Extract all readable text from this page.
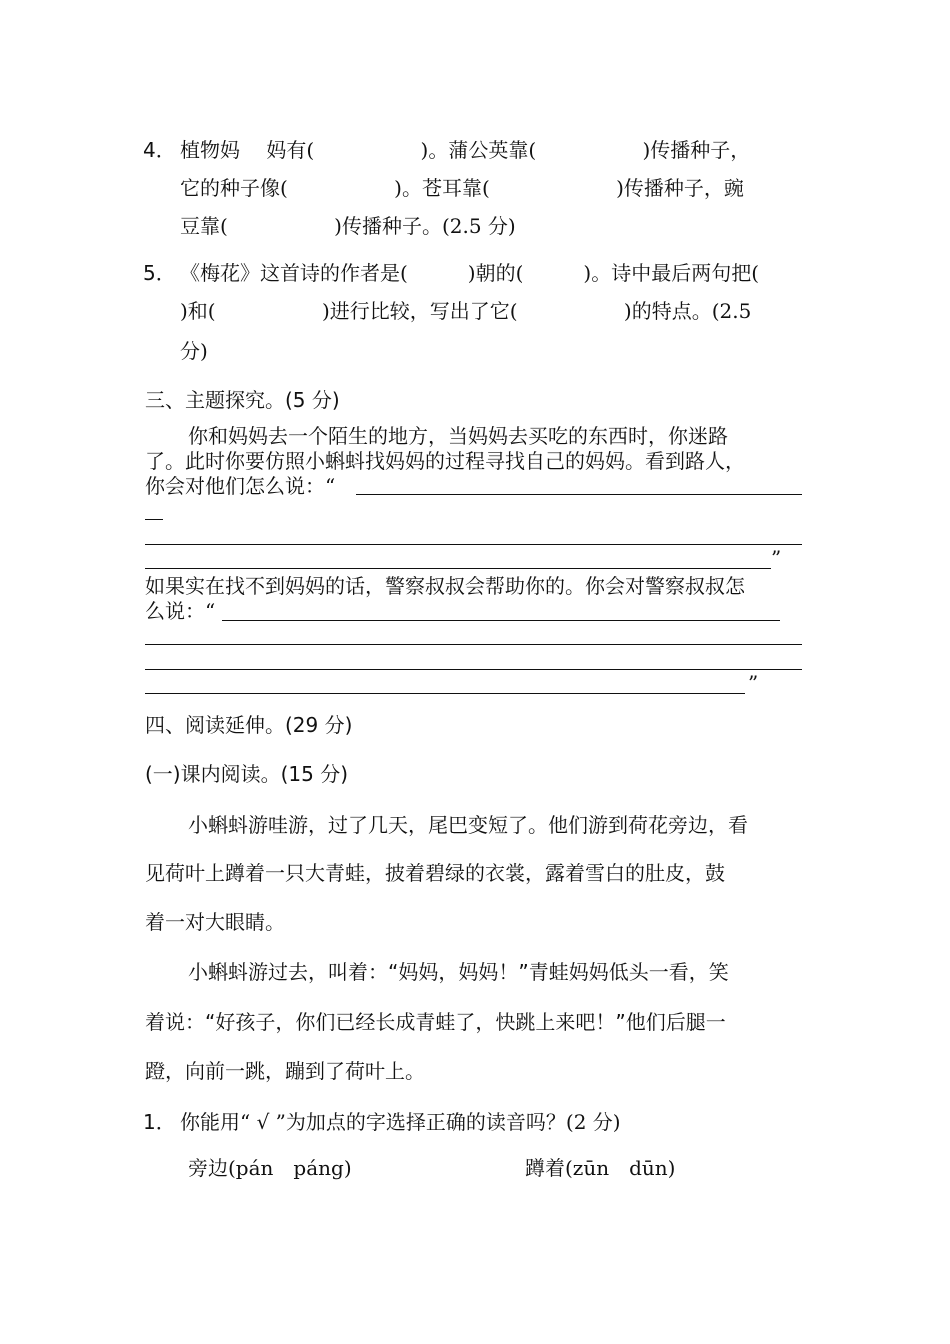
4． 植物妈　 妈有(　　　　　 )。蒲公英靠(　　　　　 )传播种子，
它的种子像(　　　　　 )。苍耳靠(　　　　　　 )传播种子，豌
豆靠(　　　　　 )传播种子。(2.5 分)
5． 《梅花》这首诗的作者是(　　　)朝的(　　　)。诗中最后两句把(
)和(　　　　　 )进行比较，写出了它(　　　　　 )的特点。(2.5
分)
三、主题探究。(5 分)
你和妈妈去一个陌生的地方，当妈妈去买吃的东西时，你迷路
了。此时你要仿照小蝌蚪找妈妈的过程寻找自己的妈妈。看到路人，
你会对他们怎么说：“
”
如果实在找不到妈妈的话，警察叔叔会帮助你的。你会对警察叔叔怎
么说：“
”
四、阅读延伸。(29 分)
(一)课内阅读。(15 分)
小蝌蚪游哇游，过了几天，尾巴变短了。他们游到荷花旁边，看
见荷叶上蹲着一只大青蛙，披着碧绿的衣裳，露着雪白的肚皮，鼓
着一对大眼睛。
小蝌蚪游过去，叫着：“妈妈，妈妈！”青蛙妈妈低头一看，笑
着说：“好孩子，你们已经长成青蛙了，快跳上来吧！”他们后腿一
蹬，向前一跳，蹦到了荷叶上。
1． 你能用“ √ ”为加点的字选择正确的读音吗？(2 分)
旁边(pán　páng)	蹲着(zūn　dūn)
